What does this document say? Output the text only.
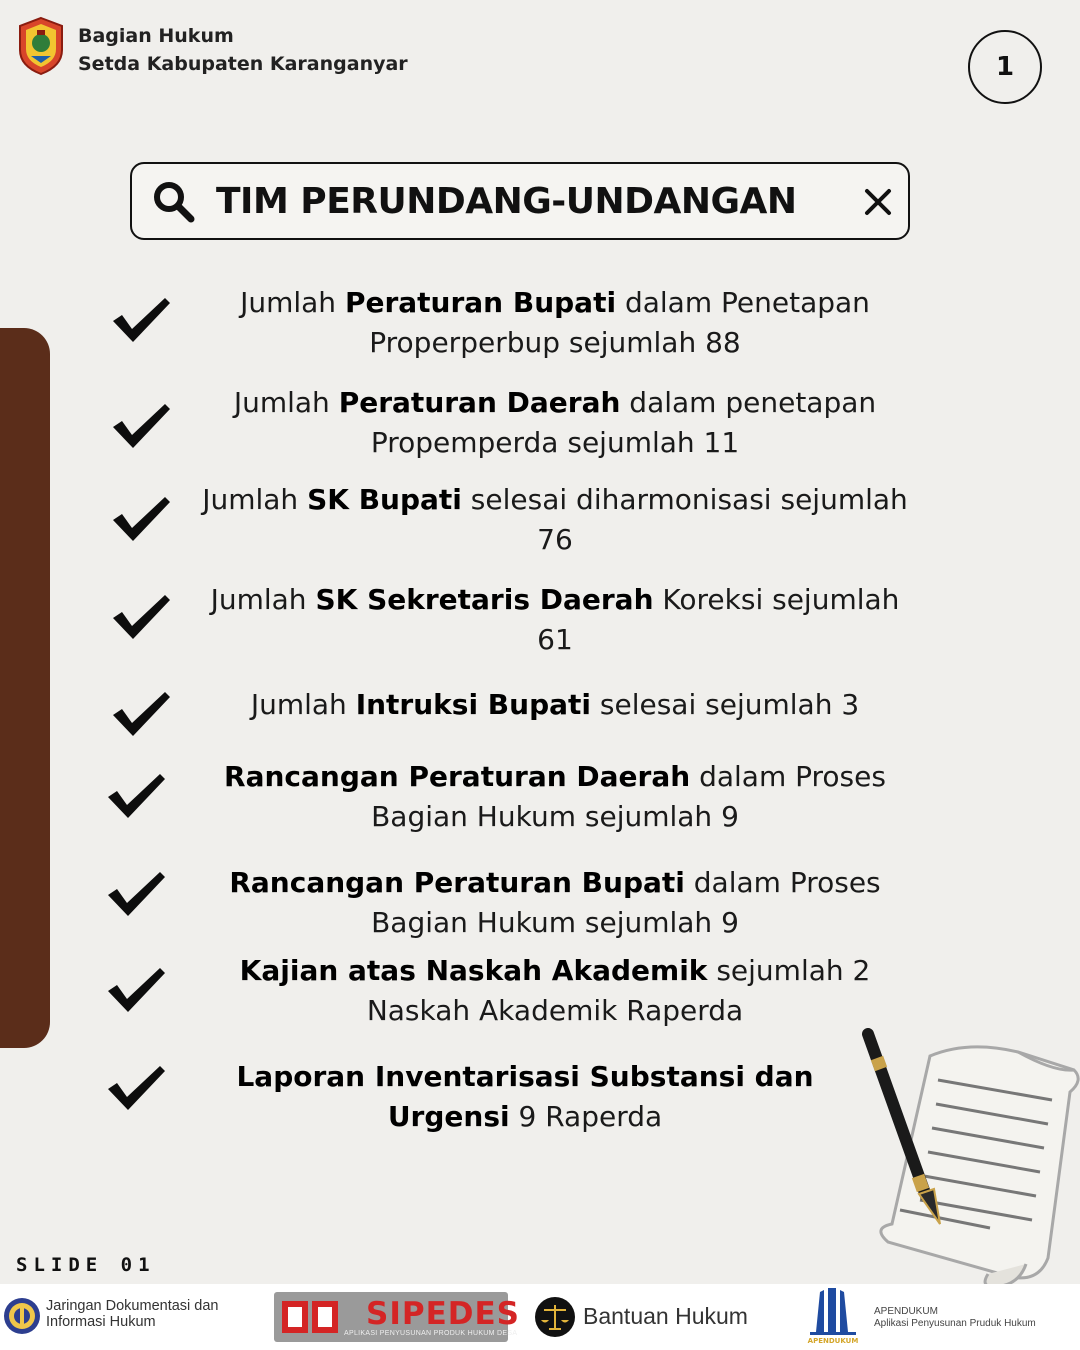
Bagian Hukum
Setda Kabupaten Karanganyar	1
TIM PERUNDANG-UNDANGAN
Jumlah Peraturan Bupati dalam Penetapan Properperbup sejumlah 88
Jumlah Peraturan Daerah dalam penetapan Propemperda sejumlah 11
Jumlah SK Bupati selesai diharmonisasi sejumlah 76
Jumlah SK Sekretaris Daerah Koreksi sejumlah 61
Jumlah Intruksi Bupati selesai sejumlah 3
Rancangan Peraturan Daerah dalam Proses Bagian Hukum sejumlah 9
Rancangan Peraturan Bupati dalam Proses Bagian Hukum sejumlah 9
Kajian atas Naskah Akademik sejumlah 2 Naskah Akademik Raperda
Laporan Inventarisasi Substansi dan Urgensi 9 Raperda
SLIDE 01
Jaringan Dokumentasi dan
Informasi Hukum	SIPEDES
APLIKASI PENYUSUNAN PRODUK HUKUM DESA
Bantuan Hukum
APENDUKUM
APENDUKUM
Aplikasi Penyusunan Pruduk Hukum
